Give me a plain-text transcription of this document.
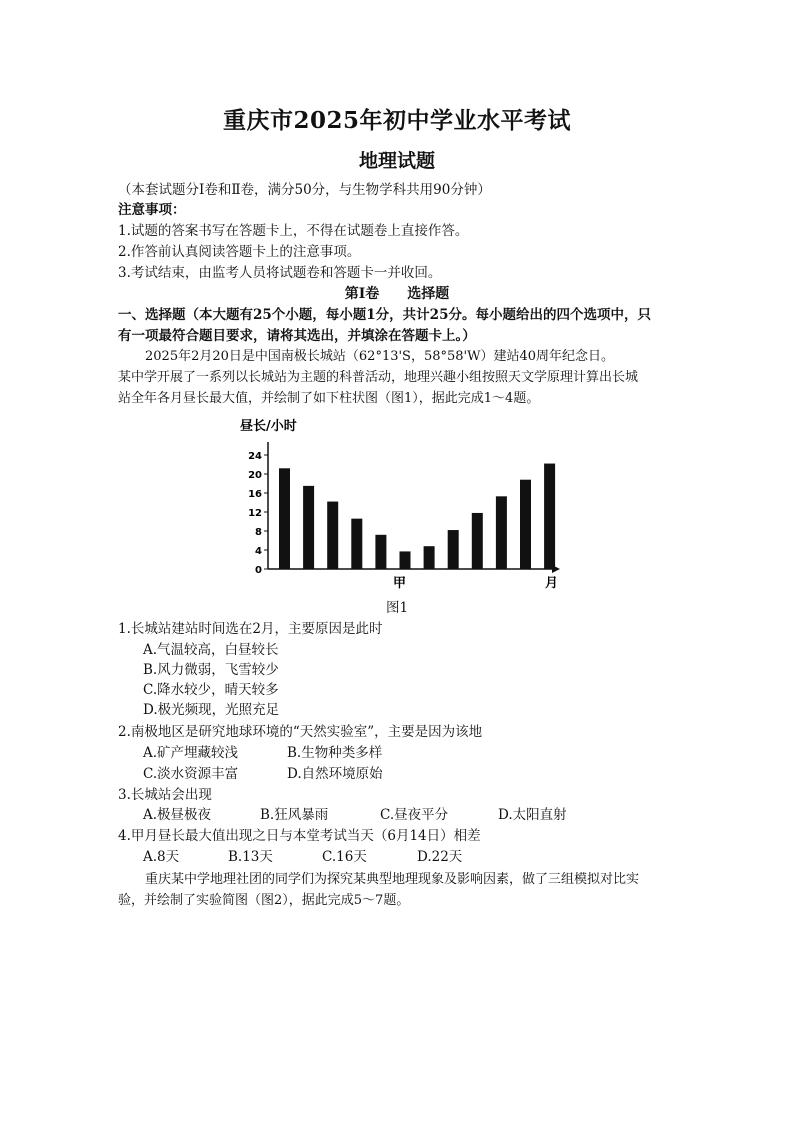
重庆市2025年初中学业水平考试
地理试题
（本套试题分Ⅰ卷和Ⅱ卷，满分50分，与生物学科共用90分钟）
注意事项：
1.试题的答案书写在答题卡上，不得在试题卷上直接作答。
2.作答前认真阅读答题卡上的注意事项。
3.考试结束，由监考人员将试题卷和答题卡一并收回。
第Ⅰ卷　　选择题
一、选择题（本大题有25个小题，每小题1分，共计25分。每小题给出的四个选项中，只
有一项最符合题目要求，请将其选出，并填涂在答题卡上。）
2025年2月20日是中国南极长城站（62°13'S，58°58'W）建站40周年纪念日。
某中学开展了一系列以长城站为主题的科普活动，地理兴趣小组按照天文学原理计算出长城
站全年各月昼长最大值，并绘制了如下柱状图（图1），据此完成1～4题。
昼长/小时
月
甲
0
4
8
12
16
20
24
图1
1.长城站建站时间选在2月，主要原因是此时
A.气温较高，白昼较长
B.风力微弱，飞雪较少
C.降水较少，晴天较多
D.极光频现，光照充足
2.南极地区是研究地球环境的“天然实验室”，主要是因为该地
A.矿产埋藏较浅	B.生物种类多样
C.淡水资源丰富	D.自然环境原始
3.长城站会出现
A.极昼极夜	B.狂风暴雨	C.昼夜平分	D.太阳直射
4.甲月昼长最大值出现之日与本堂考试当天（6月14日）相差
A.8天	B.13天	C.16天	D.22天
重庆某中学地理社团的同学们为探究某典型地理现象及影响因素，做了三组模拟对比实
验，并绘制了实验简图（图2），据此完成5～7题。
